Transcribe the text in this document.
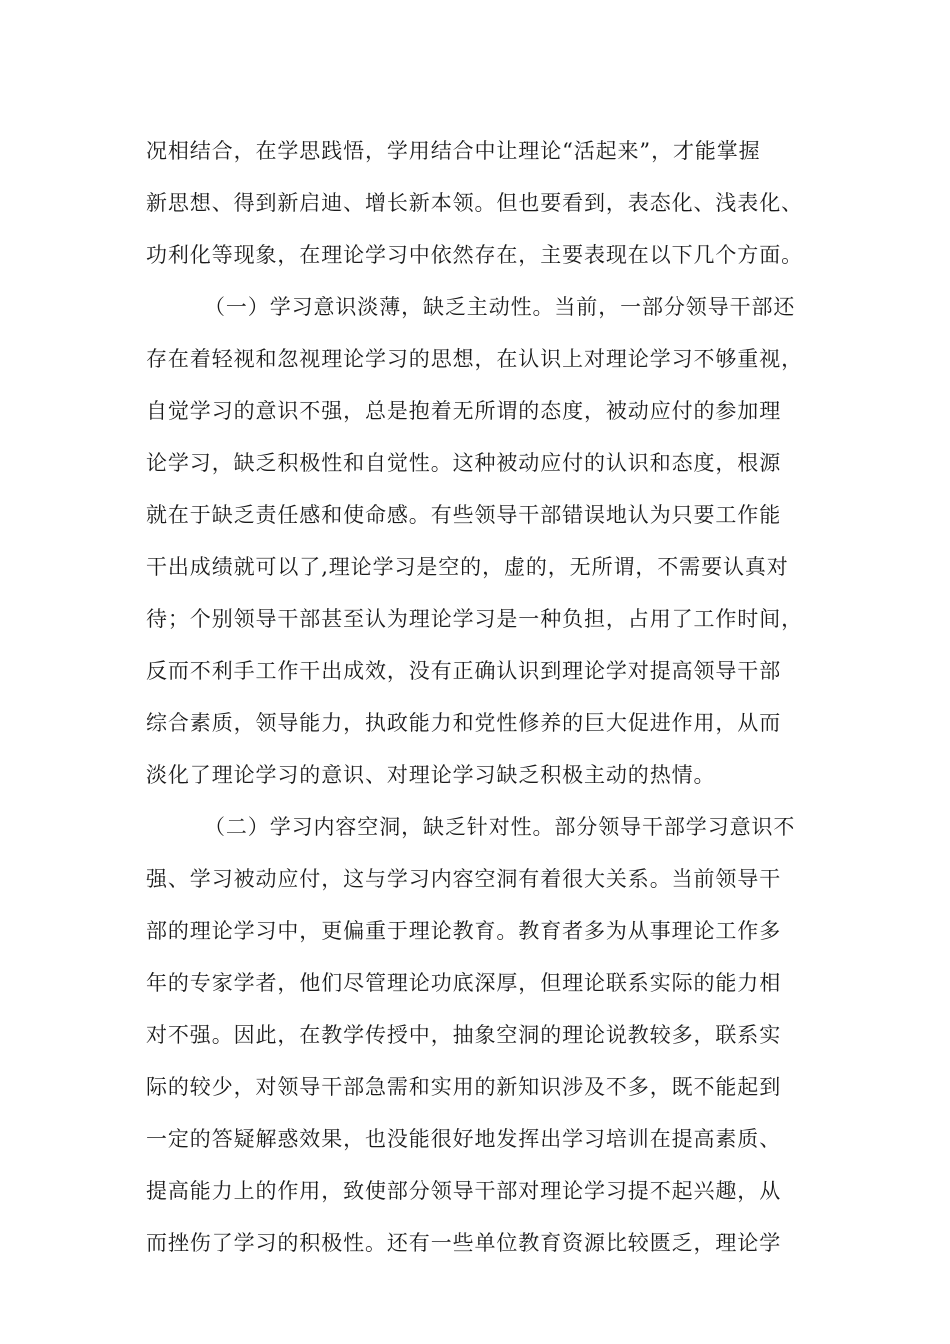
况相结合，在学思践悟，学用结合中让理论“活起来”，才能掌握
新思想、得到新启迪、增长新本领。但也要看到，表态化、浅表化、
功利化等现象，在理论学习中依然存在，主要表现在以下几个方面。
（一）学习意识淡薄，缺乏主动性。当前，一部分领导干部还
存在着轻视和忽视理论学习的思想，在认识上对理论学习不够重视，
自觉学习的意识不强，总是抱着无所谓的态度，被动应付的参加理
论学习，缺乏积极性和自觉性。这种被动应付的认识和态度，根源
就在于缺乏责任感和使命感。有些领导干部错误地认为只要工作能
干出成绩就可以了,理论学习是空的，虚的，无所谓，不需要认真对
待；个别领导干部甚至认为理论学习是一种负担，占用了工作时间，
反而不利手工作干出成效，没有正确认识到理论学对提高领导干部
综合素质，领导能力，执政能力和党性修养的巨大促进作用，从而
淡化了理论学习的意识、对理论学习缺乏积极主动的热情。
（二）学习内容空洞，缺乏针对性。部分领导干部学习意识不
强、学习被动应付，这与学习内容空洞有着很大关系。当前领导干
部的理论学习中，更偏重于理论教育。教育者多为从事理论工作多
年的专家学者，他们尽管理论功底深厚，但理论联系实际的能力相
对不强。因此，在教学传授中，抽象空洞的理论说教较多，联系实
际的较少，对领导干部急需和实用的新知识涉及不多，既不能起到
一定的答疑解惑效果，也没能很好地发挥出学习培训在提高素质、
提高能力上的作用，致使部分领导干部对理论学习提不起兴趣，从
而挫伤了学习的积极性。还有一些单位教育资源比较匮乏，理论学
